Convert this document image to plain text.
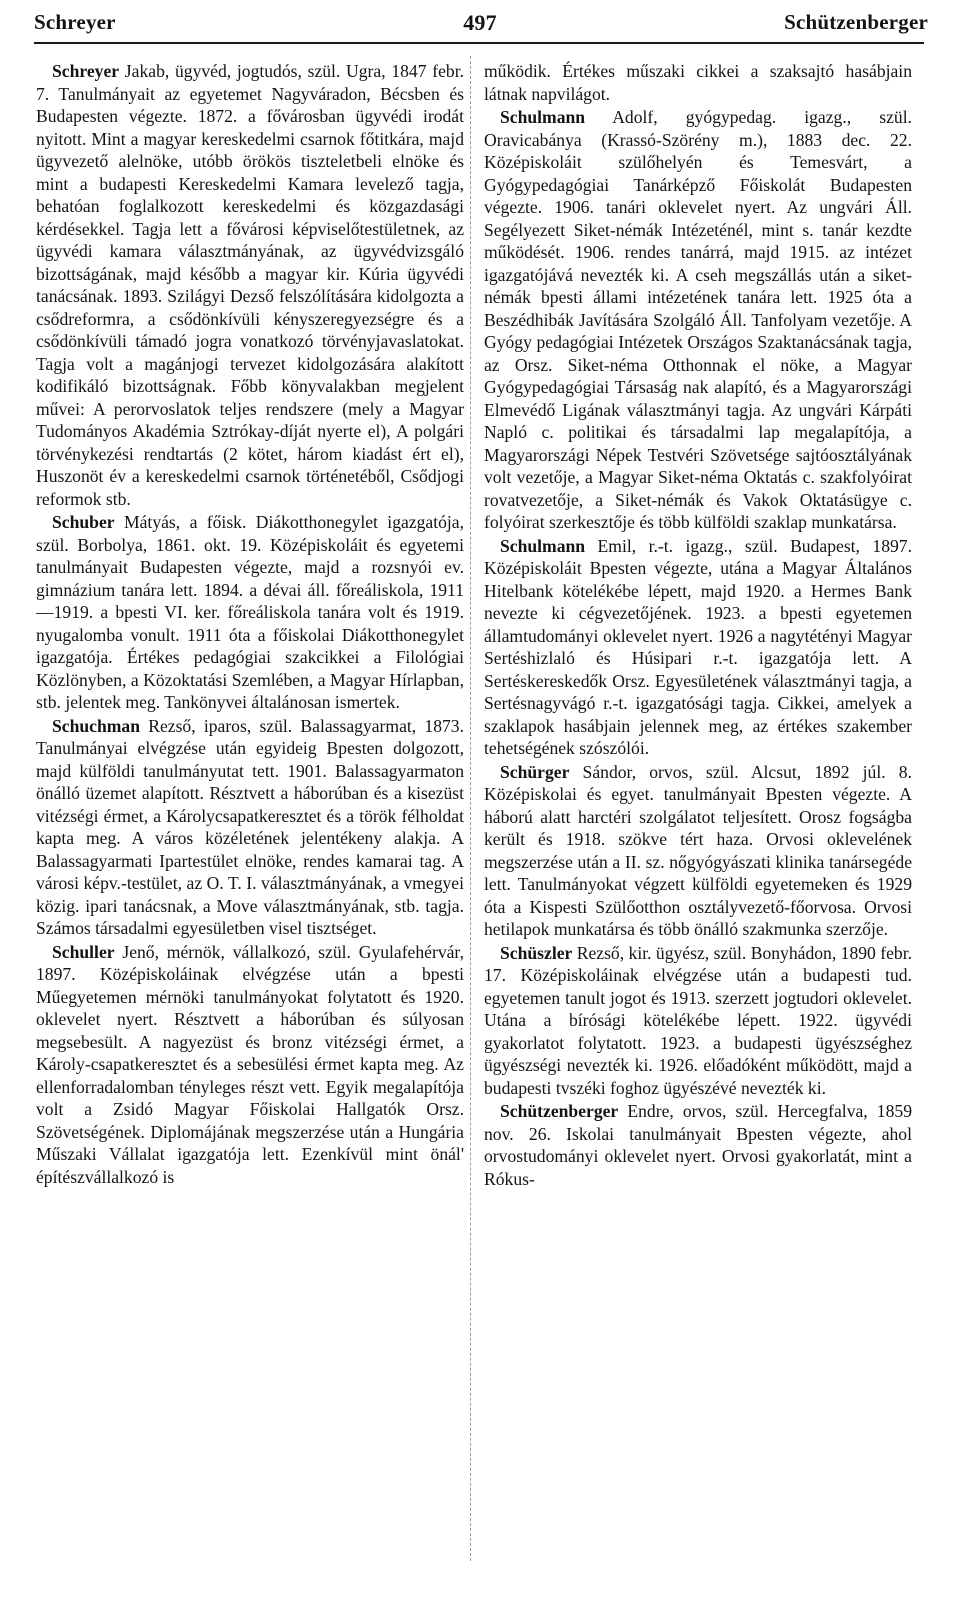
Schreyer	497	Schützenberger

Schreyer Jakab, ügyvéd, jogtudós, szül. Ugra, 1847 febr. 7. Tanulmányait az egyetemet Nagyváradon, Bécsben és Budapesten végezte. 1872. a fővárosban ügyvédi irodát nyitott. Mint a magyar kereskedelmi csarnok főtitkára, majd ügyvezető alelnöke, utóbb örökös tiszteletbeli elnöke és mint a budapesti Kereskedelmi Kamara levelező tagja, behatóan foglalkozott kereskedelmi és közgazdasági kérdésekkel. Tagja lett a fővárosi képviselőtestületnek, az ügyvédi kamara választmányának, az ügyvédvizsgáló bizottságának, majd később a magyar kir. Kúria ügyvédi tanácsának. 1893. Szilágyi Dezső felszólítására kidolgozta a csődreformra, a csődönkívüli kényszeregyezségre és a csődönkívüli támadó jogra vonatkozó törvényjavaslatokat. Tagja volt a magánjogi tervezet kidolgozására alakított kodifikáló bizottságnak. Főbb könyvalakban megjelent művei: A perorvoslatok teljes rendszere (mely a Magyar Tudományos Akadémia Sztrókay-díját nyerte el), A polgári törvénykezési rendtartás (2 kötet, három kiadást ért el), Huszonöt év a kereskedelmi csarnok történetéből, Csődjogi reformok stb.

Schuber Mátyás, a főisk. Diákotthonegylet igazgatója, szül. Borbolya, 1861. okt. 19. Középiskoláit és egyetemi tanulmányait Budapesten végezte, majd a rozsnyói ev. gimnázium tanára lett. 1894. a dévai áll. főreáliskola, 1911—1919. a bpesti VI. ker. főreáliskola tanára volt és 1919. nyugalomba vonult. 1911 óta a főiskolai Diákotthonegylet igazgatója. Értékes pedagógiai szakcikkei a Filológiai Közlönyben, a Közoktatási Szemlében, a Magyar Hírlapban, stb. jelentek meg. Tankönyvei általánosan ismertek.

Schuchman Rezső, iparos, szül. Balassagyarmat, 1873. Tanulmányai elvégzése után egyideig Bpesten dolgozott, majd külföldi tanulmányutat tett. 1901. Balassagyarmaton önálló üzemet alapított. Résztvett a háborúban és a kisezüst vitézségi érmet, a Károlycsapatkeresztet és a török félholdat kapta meg. A város közéletének jelentékeny alakja. A Balassagyarmati Ipartestület elnöke, rendes kamarai tag. A városi képv.-testület, az O. T. I. választmányának, a vmegyei közig. ipari tanácsnak, a Move választmányának, stb. tagja. Számos társadalmi egyesületben visel tisztséget.

Schuller Jenő, mérnök, vállalkozó, szül. Gyulafehérvár, 1897. Középiskoláinak elvégzése után a bpesti Műegyetemen mérnöki tanulmányokat folytatott és 1920. oklevelet nyert. Résztvett a háborúban és súlyosan megsebesült. A nagyezüst és bronz vitézségi érmet, a Károly-csapatkeresztet és a sebesülési érmet kapta meg. Az ellenforradalomban tényleges részt vett. Egyik megalapítója volt a Zsidó Magyar Főiskolai Hallgatók Orsz. Szövetségének. Diplomájának megszerzése után a Hungária Műszaki Vállalat igazgatója lett. Ezenkívül mint önál' építészvállalkozó is

működik. Értékes műszaki cikkei a szaksajtó hasábjain látnak napvilágot.

Schulmann Adolf, gyógypedag. igazg., szül. Oravicabánya (Krassó-Szörény m.), 1883 dec. 22. Középiskoláit szülőhelyén és Temesvárt, a Gyógypedagógiai Tanárképző Főiskolát Budapesten végezte. 1906. tanári oklevelet nyert. Az ungvári Áll. Segélyezett Siket-némák Intézeténél, mint s. tanár kezdte működését. 1906. rendes tanárrá, majd 1915. az intézet igazgatójává nevezték ki. A cseh megszállás után a siket-némák bpesti állami intézetének tanára lett. 1925 óta a Beszédhibák Javítására Szolgáló Áll. Tanfolyam vezetője. A Gyógy pedagógiai Intézetek Országos Szaktanácsának tagja, az Orsz. Siket-néma Otthonnak el nöke, a Magyar Gyógypedagógiai Társaság nak alapító, és a Magyarországi Elmevédő Ligának választmányi tagja. Az ungvári Kárpáti Napló c. politikai és társadalmi lap megalapítója, a Magyarországi Népek Testvéri Szövetsége sajtóosztályának volt vezetője, a Magyar Siket-néma Oktatás c. szakfolyóirat rovatvezetője, a Siket-némák és Vakok Oktatásügye c. folyóirat szerkesztője és több külföldi szaklap munkatársa.

Schulmann Emil, r.-t. igazg., szül. Budapest, 1897. Középiskoláit Bpesten végezte, utána a Magyar Általános Hitelbank kötelékébe lépett, majd 1920. a Hermes Bank nevezte ki cégvezetőjének. 1923. a bpesti egyetemen államtudományi oklevelet nyert. 1926 a nagytétényi Magyar Sertéshizlaló és Húsipari r.-t. igazgatója lett. A Sertéskereskedők Orsz. Egyesületének választmányi tagja, a Sertésnagyvágó r.-t. igazgatósági tagja. Cikkei, amelyek a szaklapok hasábjain jelennek meg, az értékes szakember tehetségének szószólói.

Schürger Sándor, orvos, szül. Alcsut, 1892 júl. 8. Középiskolai és egyet. tanulmányait Bpesten végezte. A háború alatt harctéri szolgálatot teljesített. Orosz fogságba került és 1918. szökve tért haza. Orvosi oklevelének megszerzése után a II. sz. nőgyógyászati klinika tanársegéde lett. Tanulmányokat végzett külföldi egyetemeken és 1929 óta a Kispesti Szülőotthon osztályvezető-főorvosa. Orvosi hetilapok munkatársa és több önálló szakmunka szerzője.

Schüszler Rezső, kir. ügyész, szül. Bonyhádon, 1890 febr. 17. Középiskoláinak elvégzése után a budapesti tud. egyetemen tanult jogot és 1913. szerzett jogtudori oklevelet. Utána a bírósági kötelékébe lépett. 1922. ügyvédi gyakorlatot folytatott. 1923. a budapesti ügyészséghez ügyészségi nevezték ki. 1926. előadóként működött, majd a budapesti tvszéki foghoz ügyészévé nevezték ki.

Schützenberger Endre, orvos, szül. Hercegfalva, 1859 nov. 26. Iskolai tanulmányait Bpesten végezte, ahol orvostudományi oklevelet nyert. Orvosi gyakorlatát, mint a Rókus-
